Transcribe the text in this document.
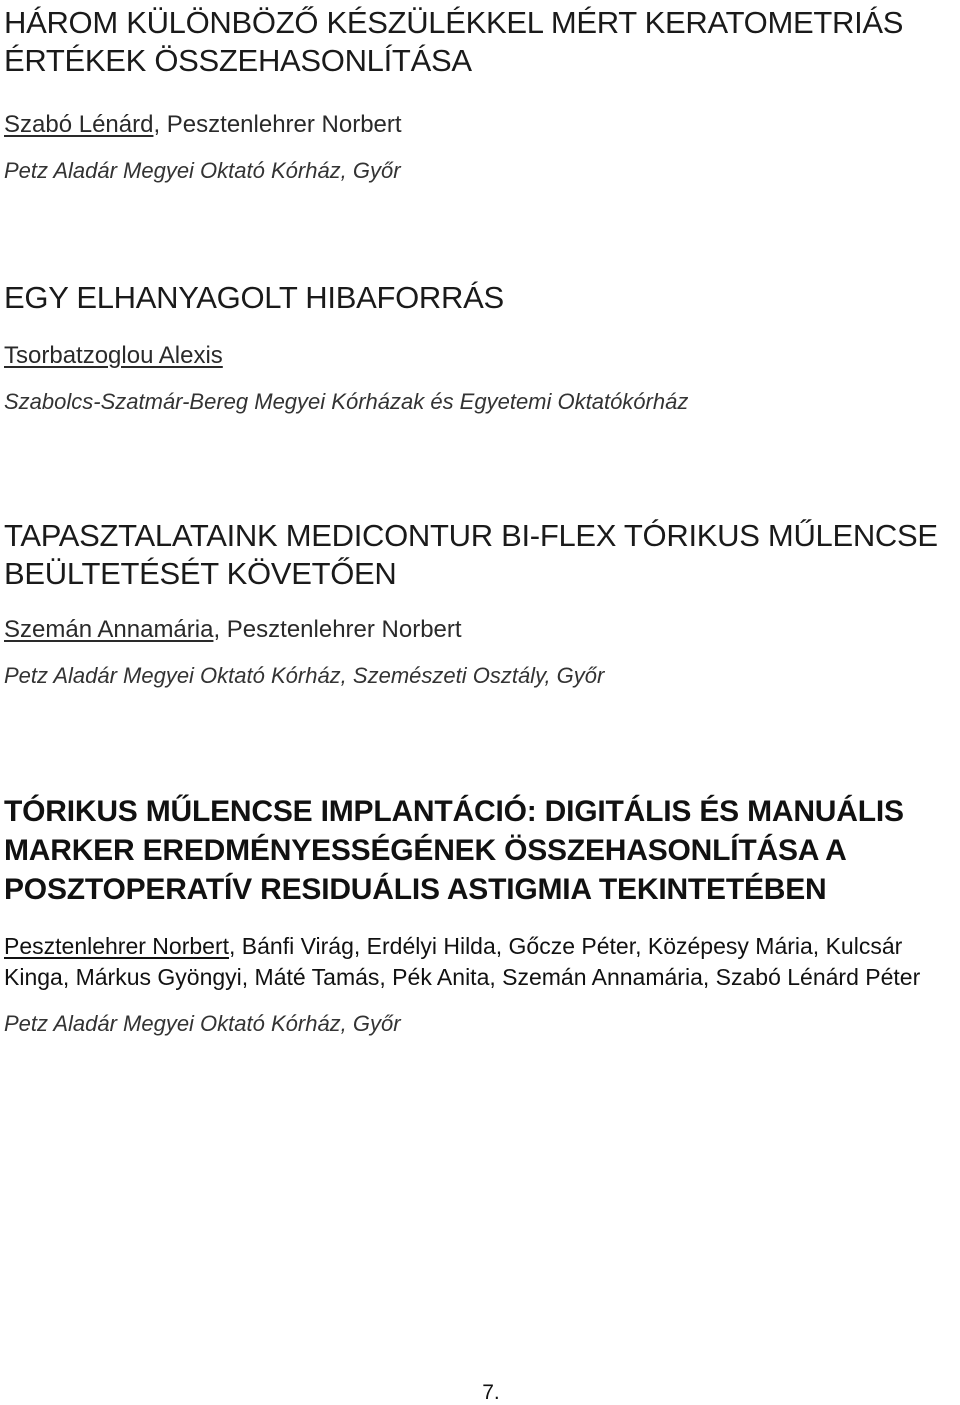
HÁROM KÜLÖNBÖZŐ KÉSZÜLÉKKEL MÉRT KERATOMETRIÁS ÉRTÉKEK ÖSSZEHASONLÍTÁSA

Szabó Lénárd, Pesztenlehrer Norbert

Petz Aladár Megyei Oktató Kórház, Győr

EGY ELHANYAGOLT HIBAFORRÁS

Tsorbatzoglou Alexis

Szabolcs-Szatmár-Bereg Megyei Kórházak és Egyetemi Oktatókórház

TAPASZTALATAINK MEDICONTUR BI-FLEX TÓRIKUS MŰLENCSE BEÜLTETÉSÉT KÖVETŐEN

Szemán Annamária, Pesztenlehrer Norbert

Petz Aladár Megyei Oktató Kórház, Szemészeti Osztály, Győr

TÓRIKUS MŰLENCSE IMPLANTÁCIÓ: DIGITÁLIS ÉS MANUÁLIS MARKER EREDMÉNYESSÉGÉNEK ÖSSZEHASONLÍTÁSA A POSZTOPERATÍV RESIDUÁLIS ASTIGMIA TEKINTETÉBEN

Pesztenlehrer Norbert, Bánfi Virág, Erdélyi Hilda, Gőcze Péter, Középesy Mária, Kulcsár Kinga, Márkus Gyöngyi, Máté Tamás, Pék Anita, Szemán Annamária, Szabó Lénárd Péter

Petz Aladár Megyei Oktató Kórház, Győr

7.
